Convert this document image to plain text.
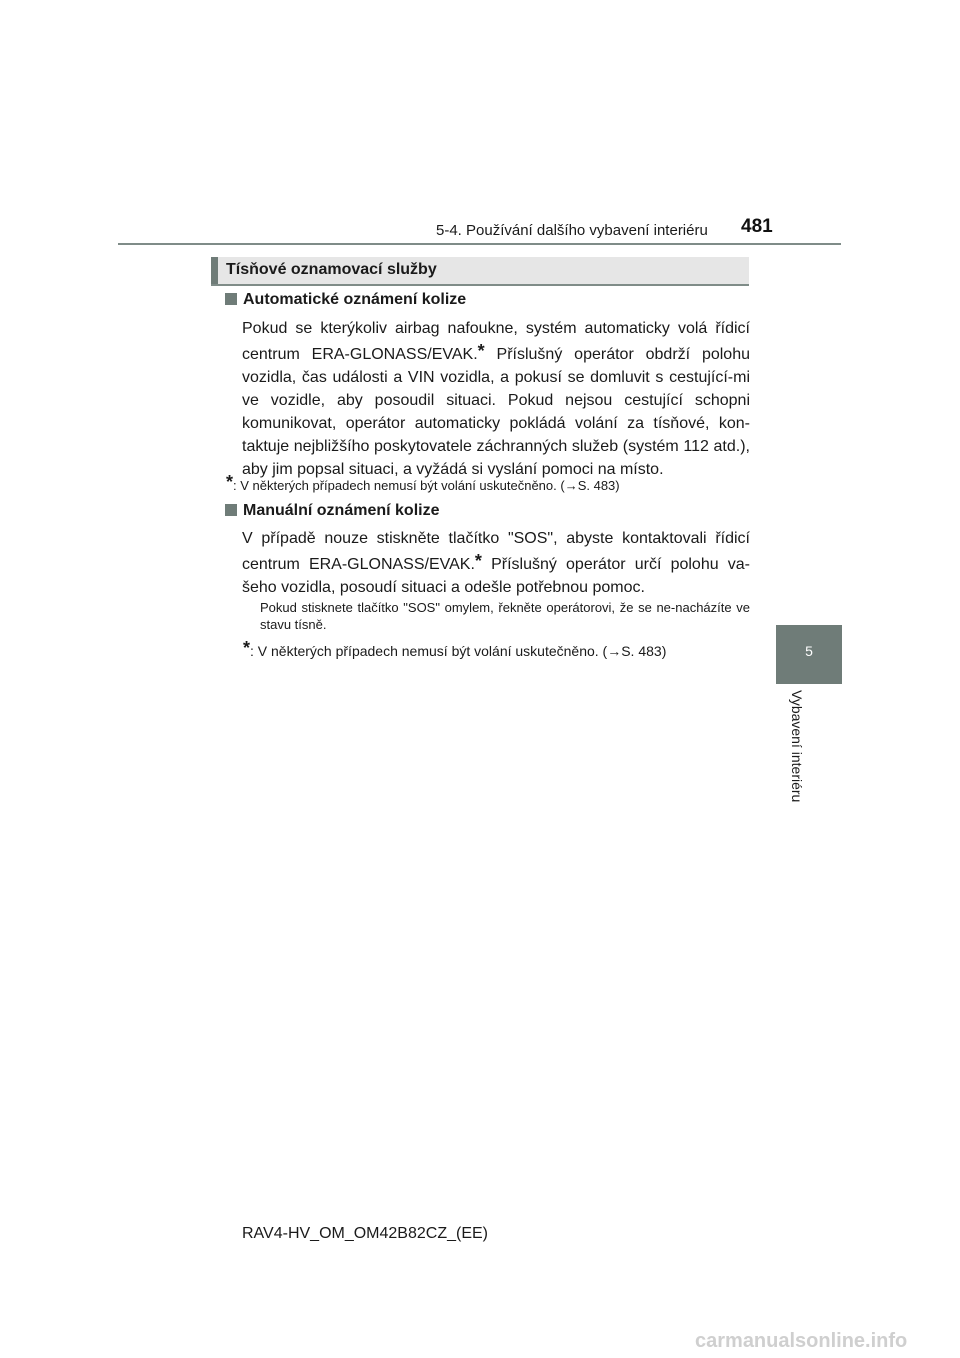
5-4. Používání dalšího vybavení interiéru 481
5
Vybavení interiéru
Tísňové oznamovací služby
Automatické oznámení kolize
Pokud se kterýkoliv airbag nafoukne, systém automaticky volá řídicí centrum ERA-GLONASS/EVAK.* Příslušný operátor obdrží polohu vozidla, čas události a VIN vozidla, a pokusí se domluvit s cestující-mi ve vozidle, aby posoudil situaci. Pokud nejsou cestující schopni komunikovat, operátor automaticky pokládá volání za tísňové, kon-taktuje nejbližšího poskytovatele záchranných služeb (systém 112 atd.), aby jim popsal situaci, a vyžádá si vyslání pomoci na místo.
*: V některých případech nemusí být volání uskutečněno. (→S. 483)
Manuální oznámení kolize
V případě nouze stiskněte tlačítko "SOS", abyste kontaktovali řídicí centrum ERA-GLONASS/EVAK.* Příslušný operátor určí polohu va-šeho vozidla, posoudí situaci a odešle potřebnou pomoc.
Pokud stisknete tlačítko "SOS" omylem, řekněte operátorovi, že se ne-nacházíte ve stavu tísně.
*: V některých případech nemusí být volání uskutečněno. (→S. 483)
RAV4-HV_OM_OM42B82CZ_(EE)
carmanualsonline.info
